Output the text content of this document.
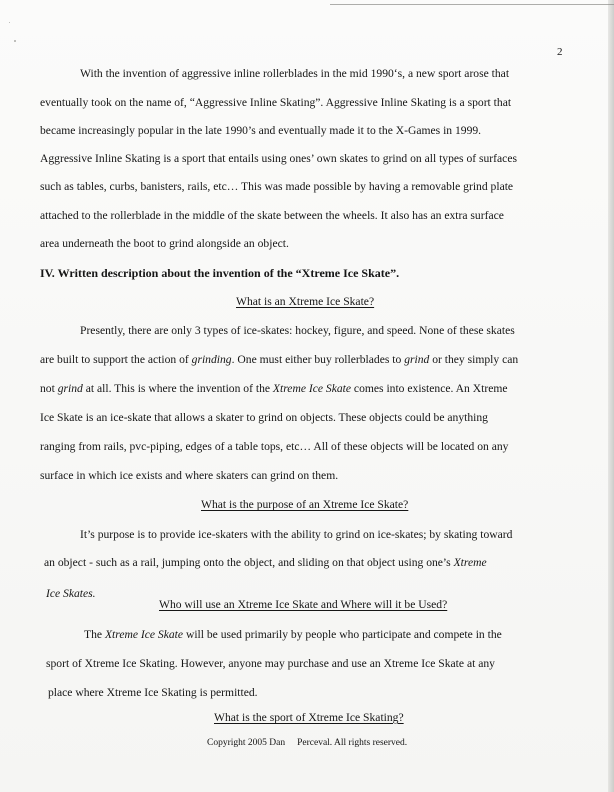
2
With the invention of aggressive inline rollerblades in the mid 1990‘s, a new sport arose that
eventually took on the name of, “Aggressive Inline Skating”. Aggressive Inline Skating is a sport that
became increasingly popular in the late 1990’s and eventually made it to the X-Games in 1999.
Aggressive Inline Skating is a sport that entails using ones’ own skates to grind on all types of surfaces
such as tables, curbs, banisters, rails, etc… This was made possible by having a removable grind plate
attached to the rollerblade in the middle of the skate between the wheels. It also has an extra surface
area underneath the boot to grind alongside an object.
IV. Written description about the invention of the “Xtreme Ice Skate”.
What is an Xtreme Ice Skate?
Presently, there are only 3 types of ice-skates: hockey, figure, and speed. None of these skates
are built to support the action of grinding. One must either buy rollerblades to grind or they simply can
not grind at all. This is where the invention of the Xtreme Ice Skate comes into existence. An Xtreme
Ice Skate is an ice-skate that allows a skater to grind on objects. These objects could be anything
ranging from rails, pvc-piping, edges of a table tops, etc… All of these objects will be located on any
surface in which ice exists and where skaters can grind on them.
What is the purpose of an Xtreme Ice Skate?
It’s purpose is to provide ice-skaters with the ability to grind on ice-skates; by skating toward
an object - such as a rail, jumping onto the object, and sliding on that object using one’s Xtreme
Ice Skates.
Who will use an Xtreme Ice Skate and Where will it be Used?
The Xtreme Ice Skate will be used primarily by people who participate and compete in the
sport of Xtreme Ice Skating. However, anyone may purchase and use an Xtreme Ice Skate at any
place where Xtreme Ice Skating is permitted.
What is the sport of Xtreme Ice Skating?
Copyright 2005 Dan Perceval. All rights reserved.
